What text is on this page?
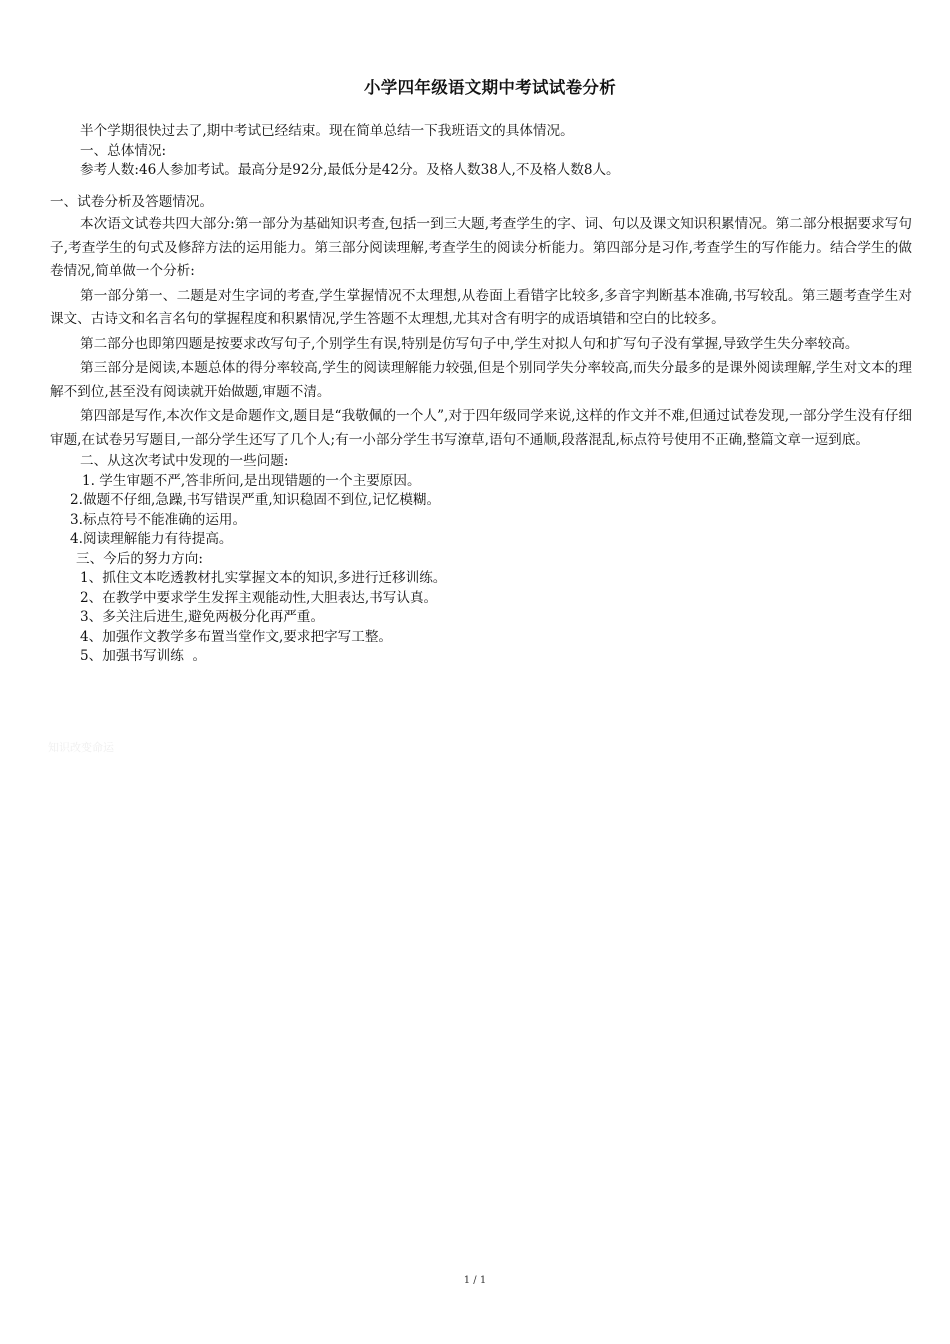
小学四年级语文期中考试试卷分析
半个学期很快过去了,期中考试已经结束。现在简单总结一下我班语文的具体情况。
一、总体情况:
参考人数:46人参加考试。最高分是92分,最低分是42分。及格人数38人,不及格人数8人。
一、试卷分析及答题情况。
本次语文试卷共四大部分:第一部分为基础知识考查,包括一到三大题,考查学生的字、词、句以及课文知识积累情况。第二部分根据要求写句子,考查学生的句式及修辞方法的运用能力。第三部分阅读理解,考查学生的阅读分析能力。第四部分是习作,考查学生的写作能力。结合学生的做卷情况,简单做一个分析:
第一部分第一、二题是对生字词的考查,学生掌握情况不太理想,从卷面上看错字比较多,多音字判断基本准确,书写较乱。第三题考查学生对课文、古诗文和名言名句的掌握程度和积累情况,学生答题不太理想,尤其对含有明字的成语填错和空白的比较多。
第二部分也即第四题是按要求改写句子,个别学生有误,特别是仿写句子中,学生对拟人句和扩写句子没有掌握,导致学生失分率较高。
第三部分是阅读,本题总体的得分率较高,学生的阅读理解能力较强,但是个别同学失分率较高,而失分最多的是课外阅读理解,学生对文本的理解不到位,甚至没有阅读就开始做题,审题不清。
第四部是写作,本次作文是命题作文,题目是“我敬佩的一个人”,对于四年级同学来说,这样的作文并不难,但通过试卷发现,一部分学生没有仔细审题,在试卷另写题目,一部分学生还写了几个人;有一小部分学生书写潦草,语句不通顺,段落混乱,标点符号使用不正确,整篇文章一逗到底。
二、从这次考试中发现的一些问题:
1. 学生审题不严,答非所问,是出现错题的一个主要原因。
2.做题不仔细,急躁,书写错误严重,知识稳固不到位,记忆模糊。
3.标点符号不能准确的运用。
4.阅读理解能力有待提高。
三、今后的努力方向:
1、抓住文本吃透教材扎实掌握文本的知识,多进行迁移训练。
2、在教学中要求学生发挥主观能动性,大胆表达,书写认真。
3、多关注后进生,避免两极分化再严重。
4、加强作文教学多布置当堂作文,要求把字写工整。
5、加强书写训练  。
知识改变命运
1 / 1
